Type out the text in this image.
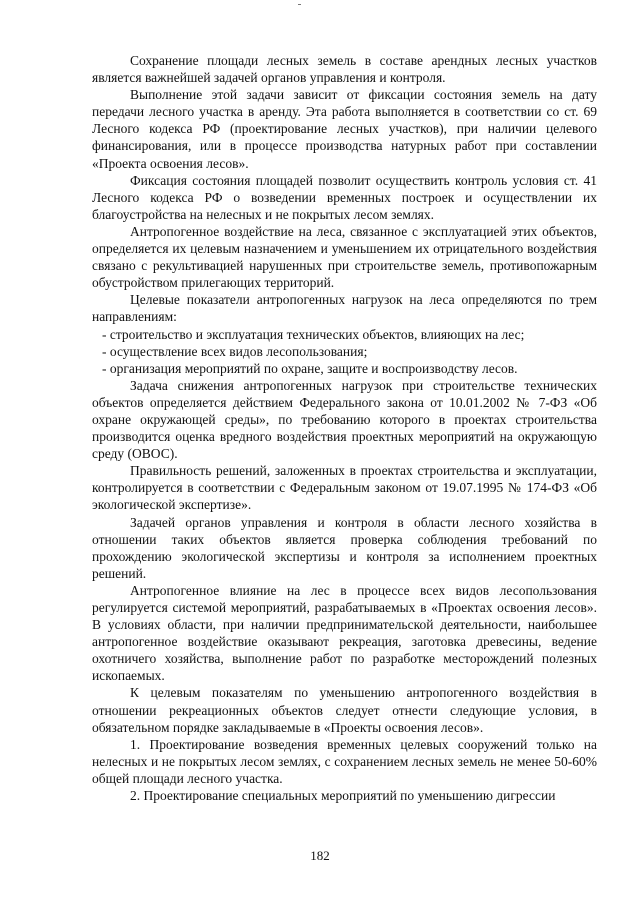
Сохранение площади лесных земель в составе арендных лесных участков является важнейшей задачей органов управления и контроля.

Выполнение этой задачи зависит от фиксации состояния земель на дату передачи лесного участка в аренду. Эта работа выполняется в соответствии со ст. 69 Лесного кодекса РФ (проектирование лесных участков), при наличии целевого финансирования, или в процессе производства натурных работ при составлении «Проекта освоения лесов».

Фиксация состояния площадей позволит осуществить контроль условия ст. 41 Лесного кодекса РФ о возведении временных построек и осуществлении их благоустройства на нелесных и не покрытых лесом землях.

Антропогенное воздействие на леса, связанное с эксплуатацией этих объектов, определяется их целевым назначением и уменьшением их отрицательного воздействия связано с рекультивацией нарушенных при строительстве земель, противопожарным обустройством прилегающих территорий.

Целевые показатели антропогенных нагрузок на леса определяются по трем направлениям:

- строительство и эксплуатация технических объектов, влияющих на лес;

- осуществление всех видов лесопользования;

- организация мероприятий по охране, защите и воспроизводству лесов.

Задача снижения антропогенных нагрузок при строительстве технических объектов определяется действием Федерального закона от 10.01.2002 № 7-ФЗ «Об охране окружающей среды», по требованию которого в проектах строительства производится оценка вредного воздействия проектных мероприятий на окружающую среду (ОВОС).

Правильность решений, заложенных в проектах строительства и эксплуатации, контролируется в соответствии с Федеральным законом от 19.07.1995 № 174-ФЗ «Об экологической экспертизе».

Задачей органов управления и контроля в области лесного хозяйства в отношении таких объектов является проверка соблюдения требований по прохождению экологической экспертизы и контроля за исполнением проектных решений.

Антропогенное влияние на лес в процессе всех видов лесопользования регулируется системой мероприятий, разрабатываемых в «Проектах освоения лесов». В условиях области, при наличии предпринимательской деятельности, наибольшее антропогенное воздействие оказывают рекреация, заготовка древесины, ведение охотничего хозяйства, выполнение работ по разработке месторождений полезных ископаемых.

К целевым показателям по уменьшению антропогенного воздействия в отношении рекреационных объектов следует отнести следующие условия, в обязательном порядке закладываемые в «Проекты освоения лесов».

1. Проектирование возведения временных целевых сооружений только на нелесных и не покрытых лесом землях, с сохранением лесных земель не менее 50-60% общей площади лесного участка.

2. Проектирование специальных мероприятий по уменьшению дигрессии

182
